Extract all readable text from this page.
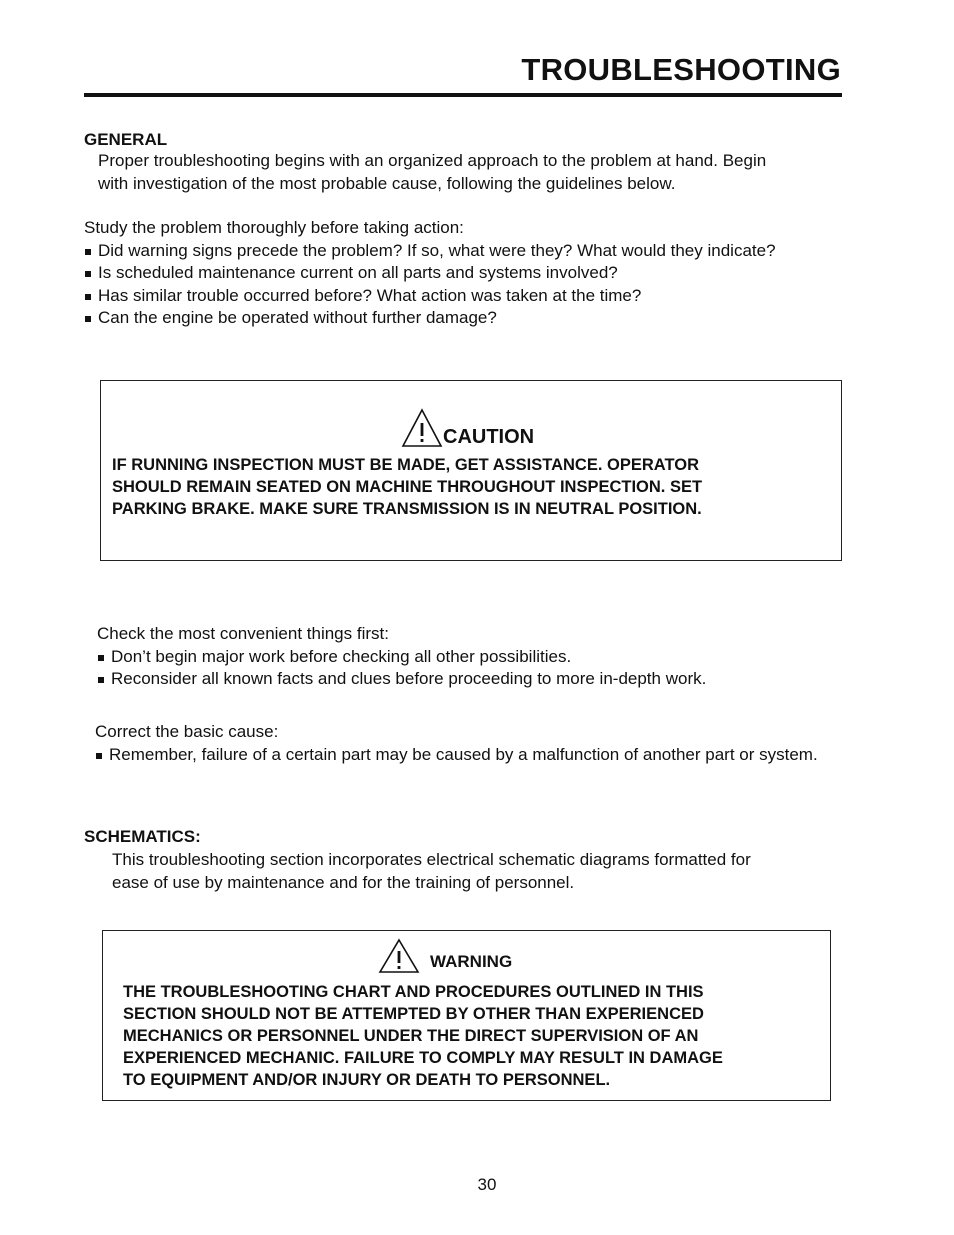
TROUBLESHOOTING
GENERAL
Proper troubleshooting begins with an organized approach to the problem at hand. Begin
with investigation of the most probable cause, following the guidelines below.
Study the problem thoroughly before taking action:
Did warning signs precede the problem? If so, what were they? What would they indicate?
Is scheduled maintenance current on all parts and systems involved?
Has similar trouble occurred before? What action was taken at the time?
Can the engine be operated without further damage?
CAUTION
IF RUNNING INSPECTION MUST BE MADE, GET ASSISTANCE. OPERATOR
SHOULD REMAIN SEATED ON MACHINE THROUGHOUT INSPECTION. SET
PARKING BRAKE. MAKE SURE TRANSMISSION IS IN NEUTRAL POSITION.
Check the most convenient things first:
Don’t begin major work before checking all other possibilities.
Reconsider all known facts and clues before proceeding to more in-depth work.
Correct the basic cause:
Remember, failure of a certain part may be caused by a malfunction of another part or system.
SCHEMATICS:
This troubleshooting section incorporates electrical schematic diagrams formatted for
ease of use by maintenance and for the training of personnel.
WARNING
THE TROUBLESHOOTING CHART AND PROCEDURES OUTLINED IN THIS
SECTION SHOULD NOT BE ATTEMPTED BY OTHER THAN EXPERIENCED
MECHANICS OR PERSONNEL UNDER THE DIRECT SUPERVISION OF AN
EXPERIENCED MECHANIC. FAILURE TO COMPLY MAY RESULT IN DAMAGE
TO EQUIPMENT AND/OR INJURY OR DEATH TO PERSONNEL.
30
